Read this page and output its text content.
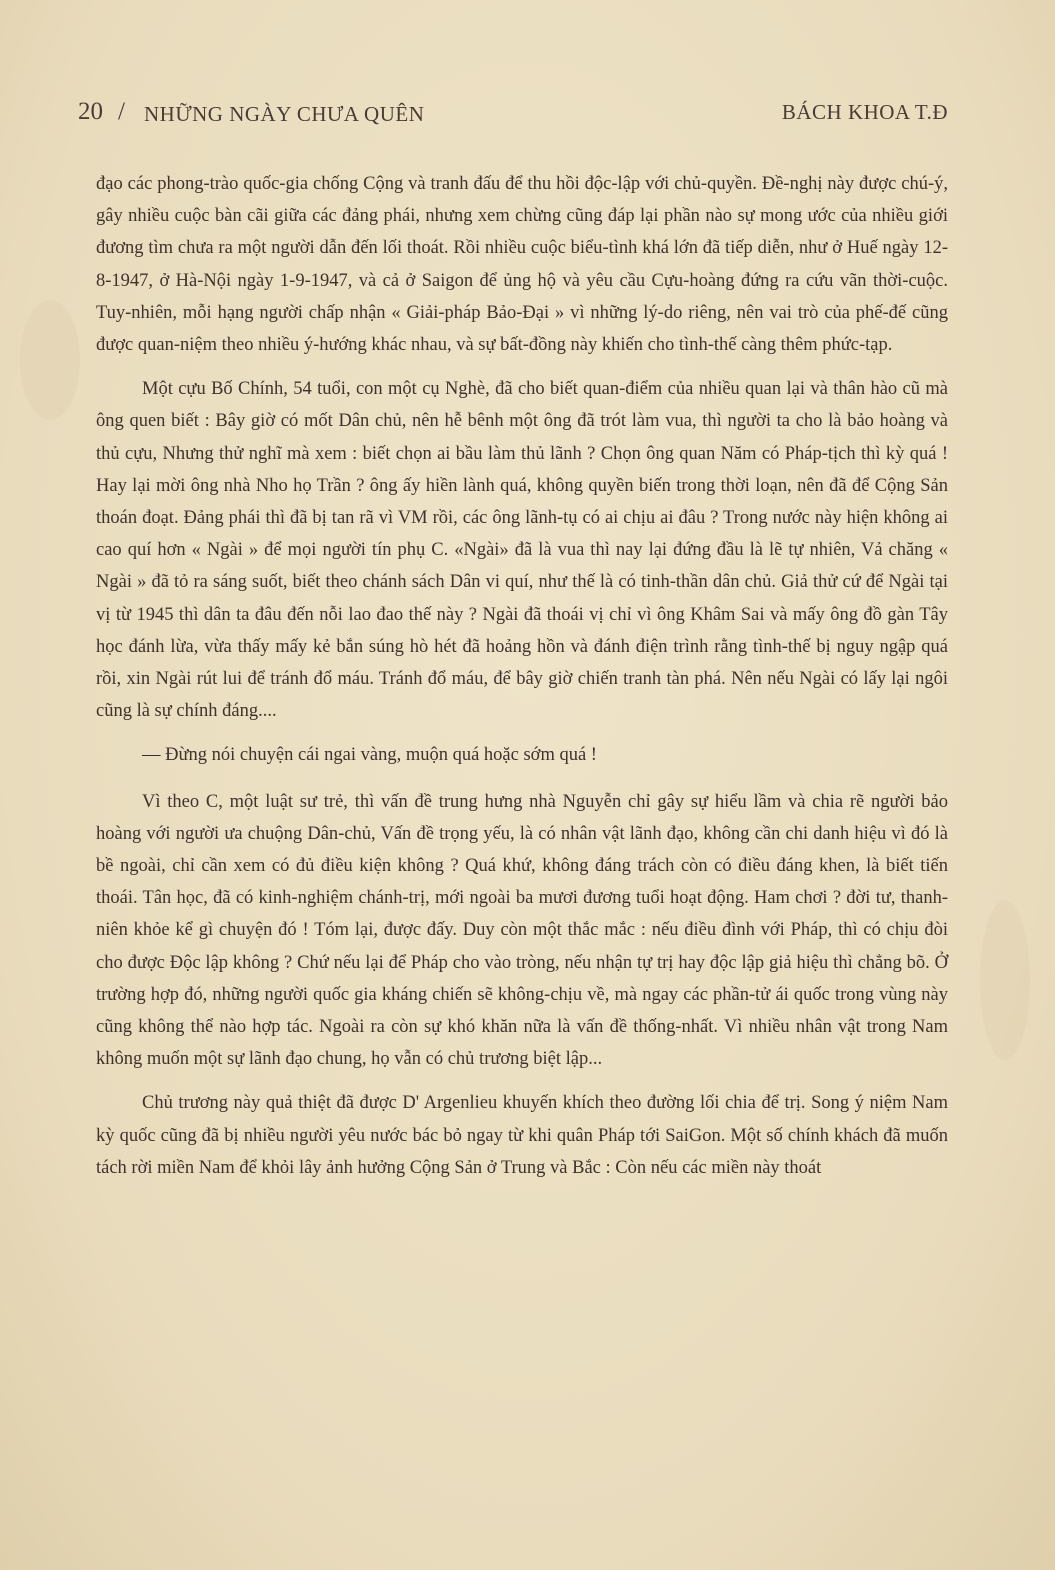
20 / NHỮNG NGÀY CHƯA QUÊN	BÁCH KHOA T.Đ

đạo các phong-trào quốc-gia chống Cộng và tranh đấu để thu hồi độc-lập với chủ-quyền. Đề-nghị này được chú-ý, gây nhiều cuộc bàn cãi giữa các đảng phái, nhưng xem chừng cũng đáp lại phần nào sự mong ước của nhiều giới đương tìm chưa ra một người dẫn đến lối thoát. Rồi nhiều cuộc biểu-tình khá lớn đã tiếp diễn, như ở Huế ngày 12-8-1947, ở Hà-Nội ngày 1-9-1947, và cả ở Saigon để ủng hộ và yêu cầu Cựu-hoàng đứng ra cứu vãn thời-cuộc. Tuy-nhiên, mỗi hạng người chấp nhận « Giải-pháp Bảo-Đại » vì những lý-do riêng, nên vai trò của phế-đế cũng được quan-niệm theo nhiều ý-hướng khác nhau, và sự bất-đồng này khiến cho tình-thế càng thêm phức-tạp.

Một cựu Bố Chính, 54 tuổi, con một cụ Nghè, đã cho biết quan-điểm của nhiều quan lại và thân hào cũ mà ông quen biết : Bây giờ có mốt Dân chủ, nên hễ bênh một ông đã trót làm vua, thì người ta cho là bảo hoàng và thủ cựu, Nhưng thử nghĩ mà xem : biết chọn ai bầu làm thủ lãnh ? Chọn ông quan Năm có Pháp-tịch thì kỳ quá ! Hay lại mời ông nhà Nho họ Trần ? ông ấy hiền lành quá, không quyền biến trong thời loạn, nên đã để Cộng Sản thoán đoạt. Đảng phái thì đã bị tan rã vì VM rồi, các ông lãnh-tụ có ai chịu ai đâu ? Trong nước này hiện không ai cao quí hơn « Ngài » để mọi người tín phụ C. «Ngài» đã là vua thì nay lại đứng đầu là lẽ tự nhiên, Vả chăng « Ngài » đã tỏ ra sáng suốt, biết theo chánh sách Dân vi quí, như thế là có tinh-thần dân chủ. Giả thử cứ để Ngài tại vị từ 1945 thì dân ta đâu đến nỗi lao đao thế này ? Ngài đã thoái vị chỉ vì ông Khâm Sai và mấy ông đồ gàn Tây học đánh lừa, vừa thấy mấy kẻ bắn súng hò hét đã hoảng hồn và đánh điện trình rằng tình-thế bị nguy ngập quá rồi, xin Ngài rút lui để tránh đổ máu. Tránh đổ máu, để bây giờ chiến tranh tàn phá. Nên nếu Ngài có lấy lại ngôi cũng là sự chính đáng....

— Đừng nói chuyện cái ngai vàng, muộn quá hoặc sớm quá !

Vì theo C, một luật sư trẻ, thì vấn đề trung hưng nhà Nguyễn chỉ gây sự hiểu lầm và chia rẽ người bảo hoàng với người ưa chuộng Dân-chủ, Vấn đề trọng yếu, là có nhân vật lãnh đạo, không cần chi danh hiệu vì đó là bề ngoài, chỉ cần xem có đủ điều kiện không ? Quá khứ, không đáng trách còn có điều đáng khen, là biết tiến thoái. Tân học, đã có kinh-nghiệm chánh-trị, mới ngoài ba mươi đương tuổi hoạt động. Ham chơi ? đời tư, thanh-niên khỏe kể gì chuyện đó ! Tóm lại, được đấy. Duy còn một thắc mắc : nếu điều đình với Pháp, thì có chịu đòi cho được Độc lập không ? Chứ nếu lại để Pháp cho vào tròng, nếu nhận tự trị hay độc lập giả hiệu thì chẳng bõ. Ở trường hợp đó, những người quốc gia kháng chiến sẽ không-chịu về, mà ngay các phần-tử ái quốc trong vùng này cũng không thể nào hợp tác. Ngoài ra còn sự khó khăn nữa là vấn đề thống-nhất. Vì nhiều nhân vật trong Nam không muốn một sự lãnh đạo chung, họ vẫn có chủ trương biệt lập...

Chủ trương này quả thiệt đã được D' Argenlieu khuyến khích theo đường lối chia để trị. Song ý niệm Nam kỳ quốc cũng đã bị nhiều người yêu nước bác bỏ ngay từ khi quân Pháp tới SaiGon. Một số chính khách đã muốn tách rời miền Nam để khỏi lây ảnh hưởng Cộng Sản ở Trung và Bắc : Còn nếu các miền này thoát
